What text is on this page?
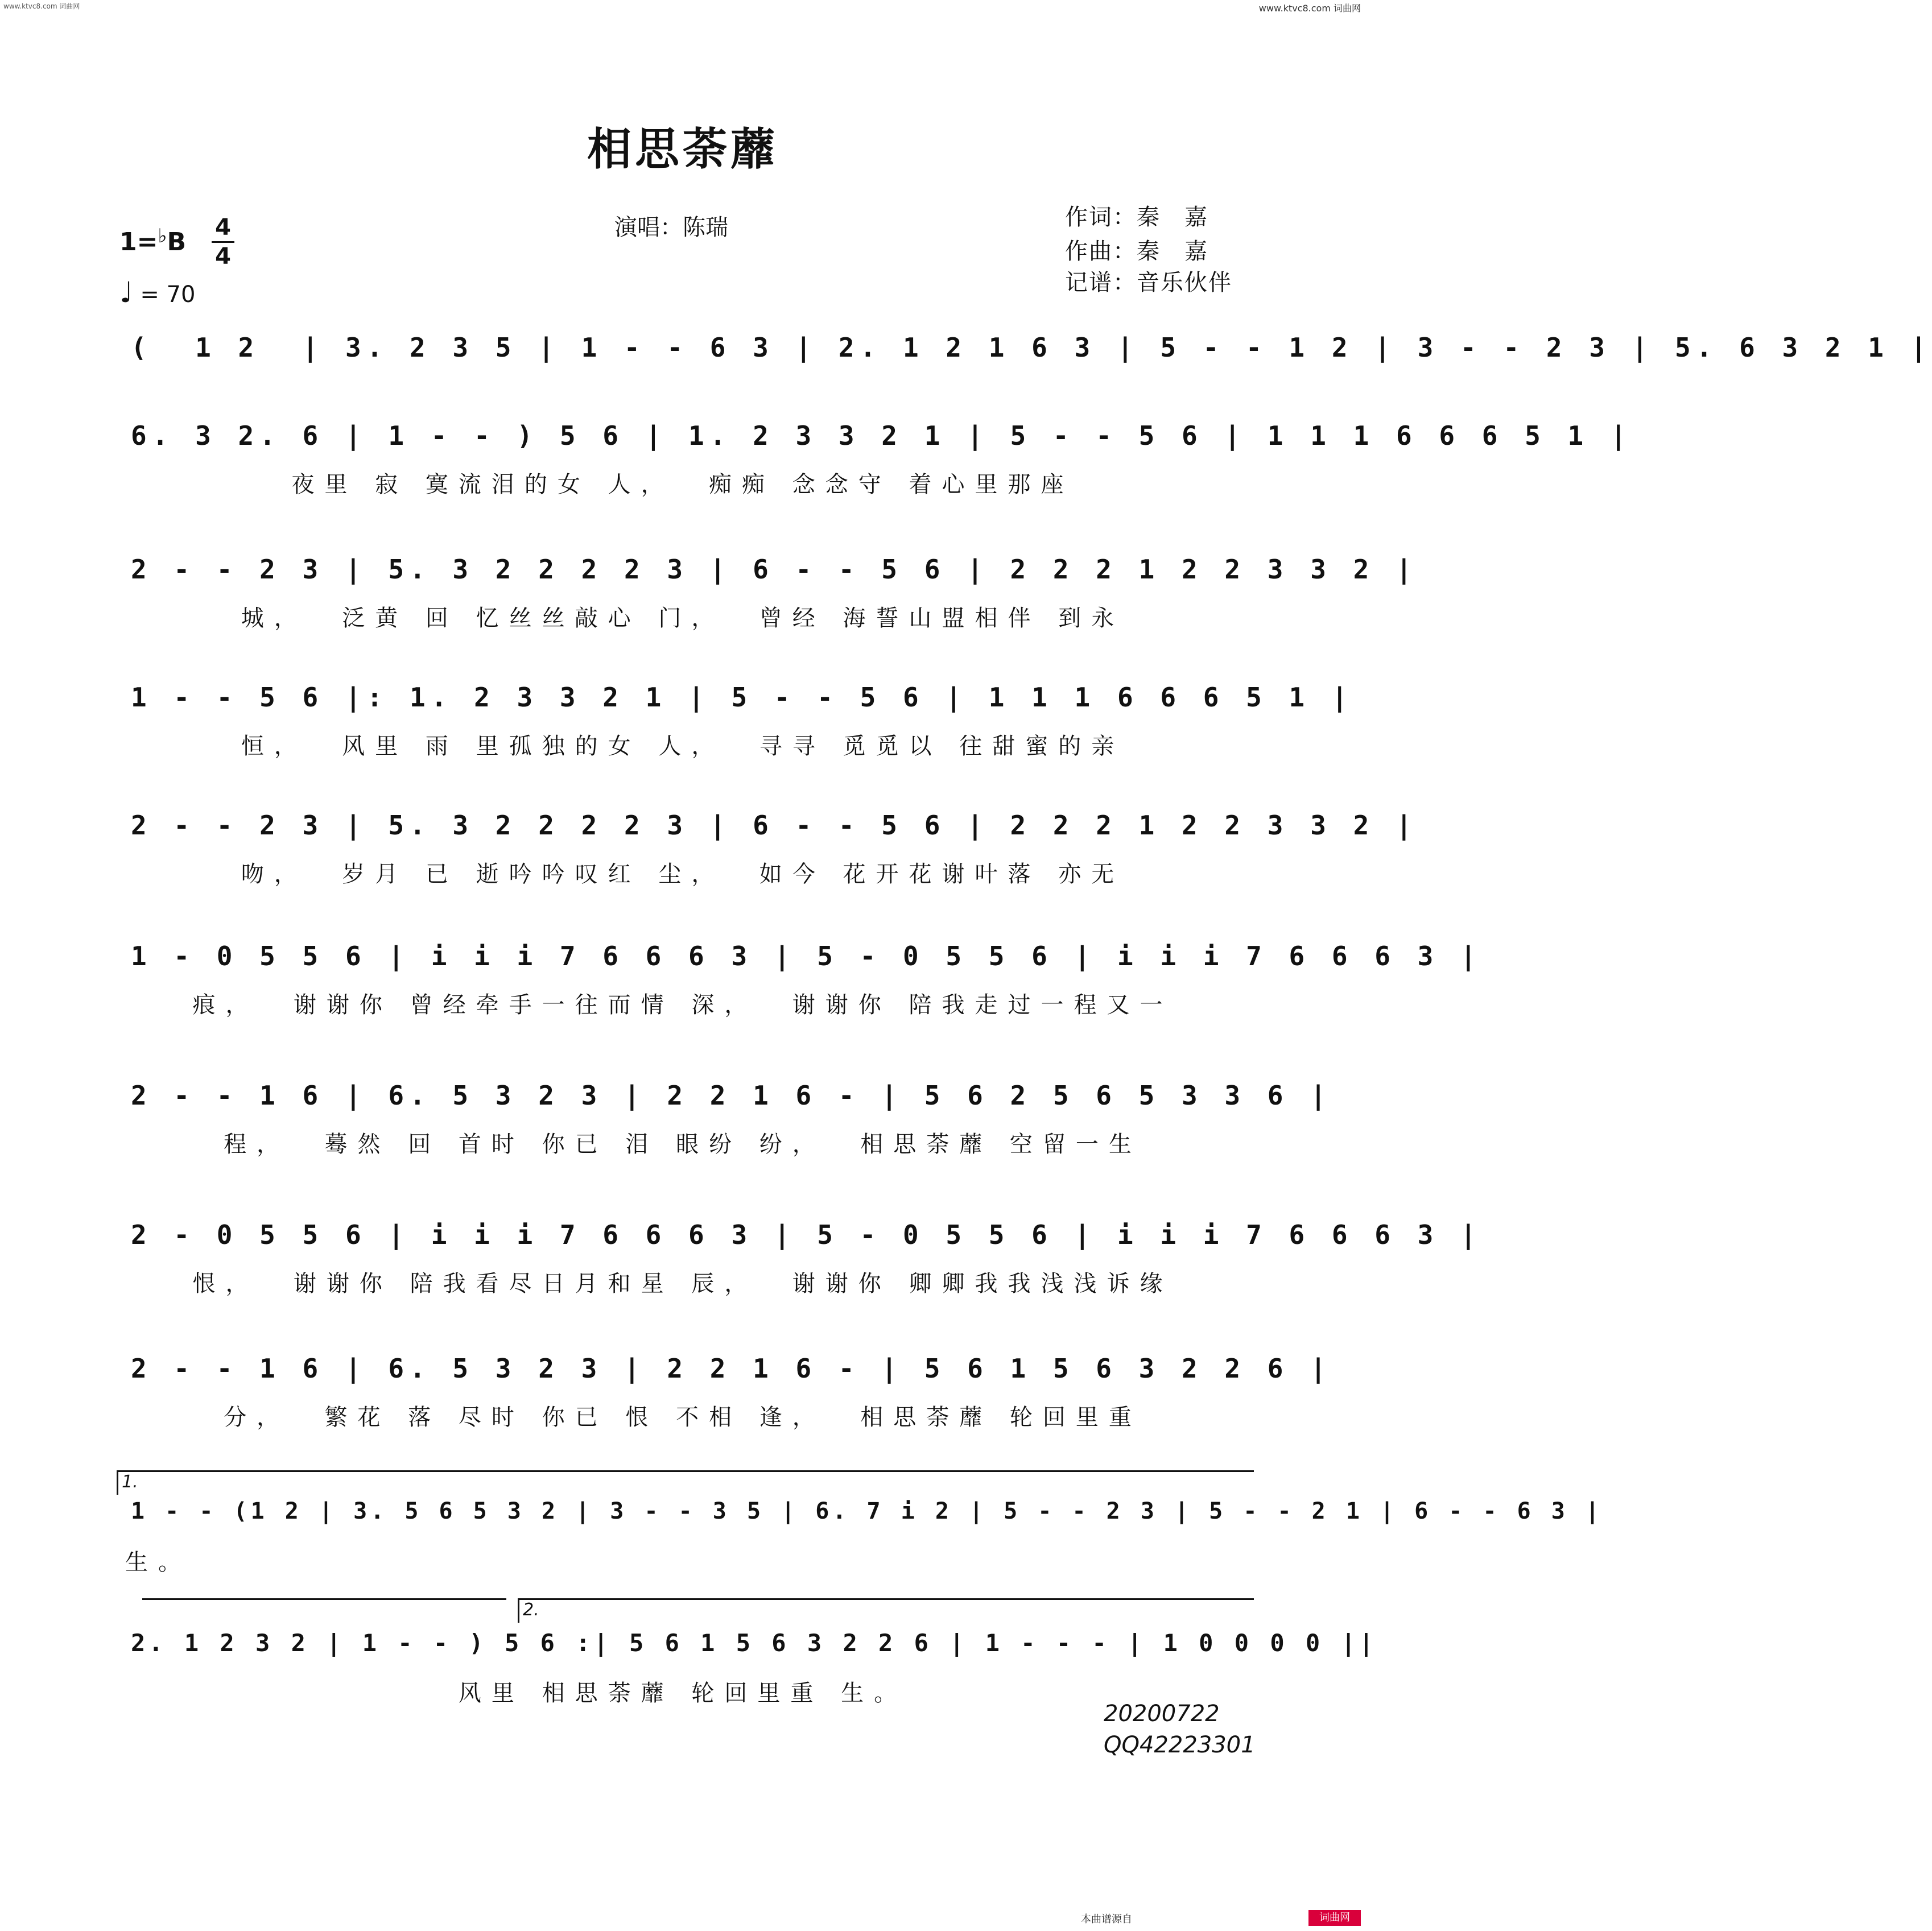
www.ktvc8.com 词曲网	www.ktvc8.com 词曲网
相思荼蘼
演唱：陈瑞	作词：秦　嘉
作曲：秦　嘉
记谱：音乐伙伴
1=♭B 4
4
♩ = 70
(  1 2  | 3. 2 3 5 | 1 - - 6 3 | 2. 1 2 1 6 3 | 5 - - 1 2 | 3 - - 2 3 | 5. 6 3 2 1 |
6. 3 2. 6 | 1 - - ) 5 6 | 1. 2 3 3 2 1 | 5 - - 5 6 | 1 1 1 6 6 6 5 1 |
夜里 寂 寞流泪的女 人，  痴痴 念念守 着心里那座
2 - - 2 3 | 5. 3 2 2 2 2 3 | 6 - - 5 6 | 2 2 2 1 2 2 3 3 2 |
城，  泛黄 回 忆丝丝敲心 门，  曾经 海誓山盟相伴 到永
1 - - 5 6 |: 1. 2 3 3 2 1 | 5 - - 5 6 | 1 1 1 6 6 6 5 1 |
恒，  风里 雨 里孤独的女 人，  寻寻 觅觅以 往甜蜜的亲
2 - - 2 3 | 5. 3 2 2 2 2 3 | 6 - - 5 6 | 2 2 2 1 2 2 3 3 2 |
吻，  岁月 已 逝吟吟叹红 尘，  如今 花开花谢叶落 亦无
1 - 0 5 5 6 | i i i 7 6 6 6 3 | 5 - 0 5 5 6 | i i i 7 6 6 6 3 |
痕，  谢谢你 曾经牵手一往而情 深，  谢谢你 陪我走过一程又一
2 - - 1 6 | 6. 5 3 2 3 | 2 2 1 6 - | 5 6 2 5 6 5 3 3 6 |
程，  蓦然 回 首时 你已 泪 眼纷 纷，  相思荼蘼 空留一生
2 - 0 5 5 6 | i i i 7 6 6 6 3 | 5 - 0 5 5 6 | i i i 7 6 6 6 3 |
恨，  谢谢你 陪我看尽日月和星 辰，  谢谢你 卿卿我我浅浅诉缘
2 - - 1 6 | 6. 5 3 2 3 | 2 2 1 6 - | 5 6 1 5 6 3 2 2 6 |
分，  繁花 落 尽时 你已 恨 不相 逢，  相思荼蘼 轮回里重
1.
1 - - (1 2 | 3. 5 6 5 3 2 | 3 - - 3 5 | 6. 7 i 2 | 5 - - 2 3 | 5 - - 2 1 | 6 - - 6 3 |
生。
2.
2. 1 2 3 2 | 1 - - ) 5 6 :| 5 6 1 5 6 3 2 2 6 | 1 - - - | 1 0 0 0 0 ||
风里 相思荼蘼 轮回里重 生。
20200722
QQ42223301
本曲谱源自	词曲网
